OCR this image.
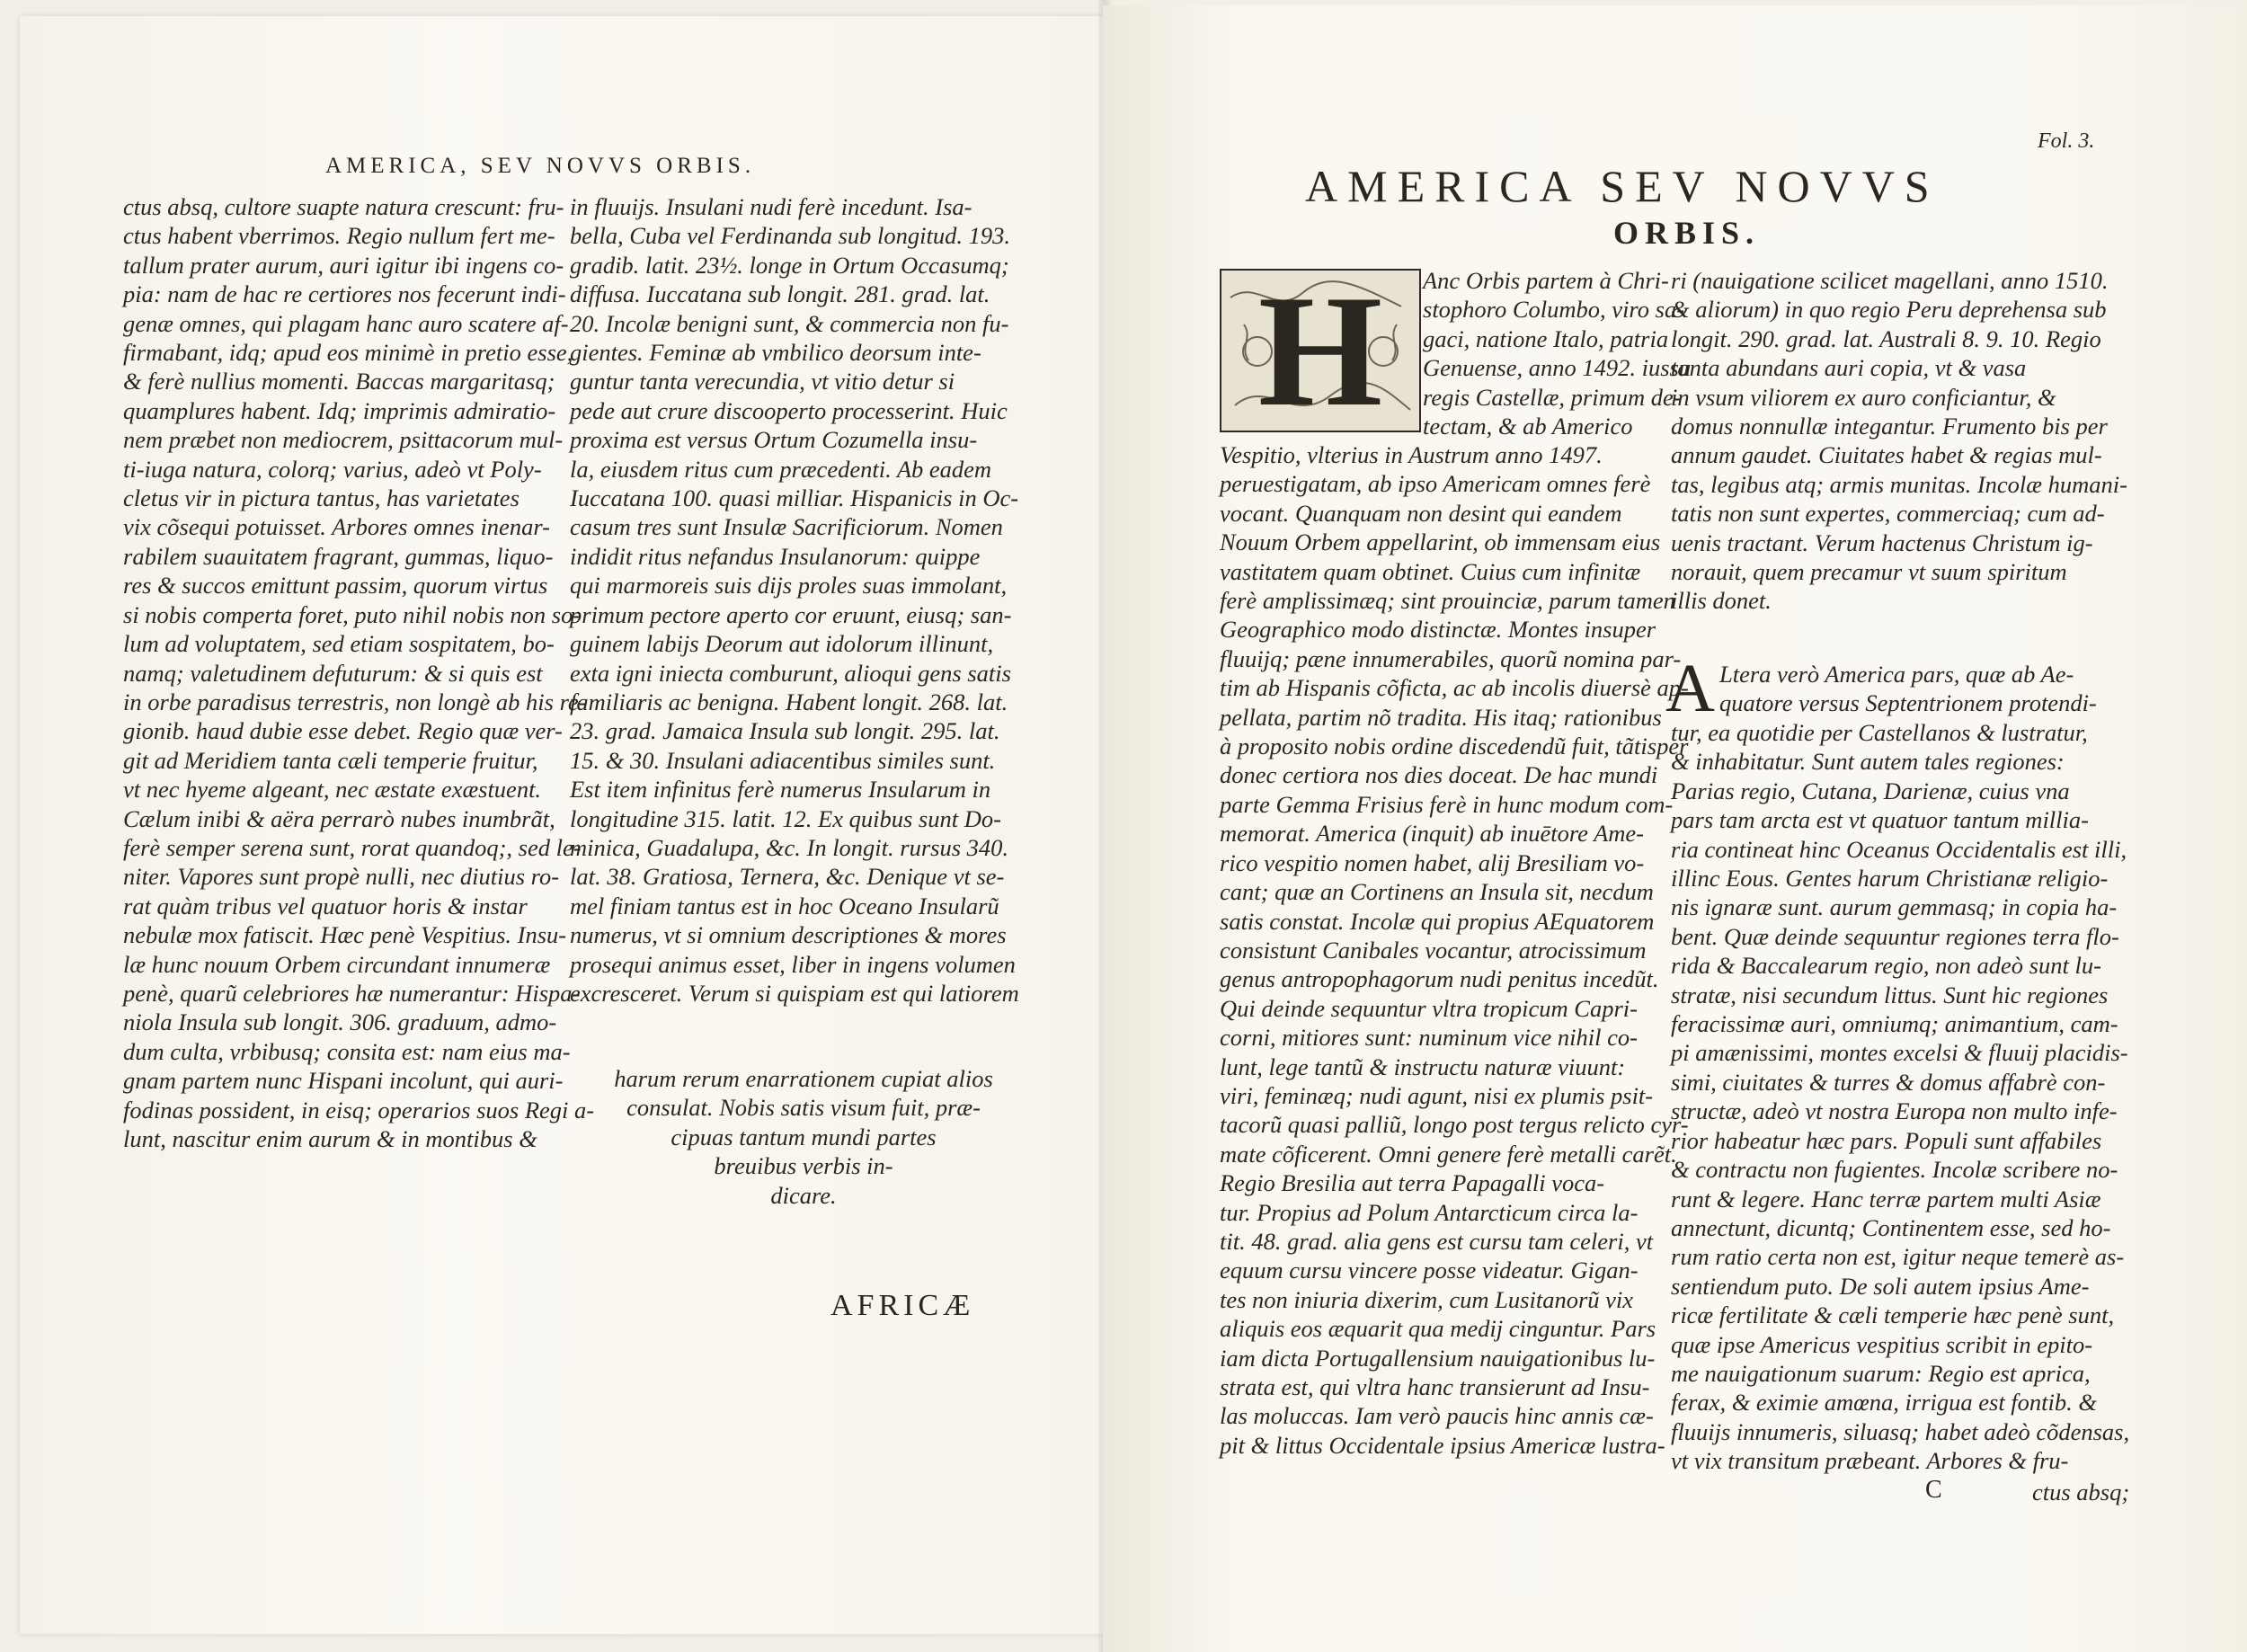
AMERICA, SEV NOVVS ORBIS.
ctus absq, cultore suapte natura crescunt: fru-
ctus habent vberrimos. Regio nullum fert me-
tallum prater aurum, auri igitur ibi ingens co-
pia: nam de hac re certiores nos fecerunt indi-
genæ omnes, qui plagam hanc auro scatere af-
firmabant, idq; apud eos minimè in pretio esse,
& ferè nullius momenti. Baccas margaritasq;
quamplures habent. Idq; imprimis admiratio-
nem præbet non mediocrem, psittacorum mul-
ti-iuga natura, colorq; varius, adeò vt Poly-
cletus vir in pictura tantus, has varietates
vix cõsequi potuisset. Arbores omnes inenar-
rabilem suauitatem fragrant, gummas, liquo-
res & succos emittunt passim, quorum virtus
si nobis comperta foret, puto nihil nobis non so-
lum ad voluptatem, sed etiam sospitatem, bo-
namq; valetudinem defuturum: & si quis est
in orbe paradisus terrestris, non longè ab his re-
gionib. haud dubie esse debet. Regio quæ ver-
git ad Meridiem tanta cæli temperie fruitur,
vt nec hyeme algeant, nec æstate exæstuent.
Cælum inibi & aëra perrarò nubes inumbrãt,
ferè semper serena sunt, rorat quandoq;, sed le-
niter. Vapores sunt propè nulli, nec diutius ro-
rat quàm tribus vel quatuor horis & instar
nebulæ mox fatiscit. Hæc penè Vespitius. Insu-
læ hunc nouum Orbem circundant innumeræ
penè, quarũ celebriores hæ numerantur: Hispa-
niola Insula sub longit. 306. graduum, admo-
dum culta, vrbibusq; consita est: nam eius ma-
gnam partem nunc Hispani incolunt, qui auri-
fodinas possident, in eisq; operarios suos Regi a-
lunt, nascitur enim aurum & in montibus &
in fluuijs. Insulani nudi ferè incedunt. Isa-
bella, Cuba vel Ferdinanda sub longitud. 193.
gradib. latit. 23½. longe in Ortum Occasumq;
diffusa. Iuccatana sub longit. 281. grad. lat.
20. Incolæ benigni sunt, & commercia non fu-
gientes. Feminæ ab vmbilico deorsum inte-
guntur tanta verecundia, vt vitio detur si
pede aut crure discooperto processerint. Huic
proxima est versus Ortum Cozumella insu-
la, eiusdem ritus cum præcedenti. Ab eadem
Iuccatana 100. quasi milliar. Hispanicis in Oc-
casum tres sunt Insulæ Sacrificiorum. Nomen
indidit ritus nefandus Insulanorum: quippe
qui marmoreis suis dijs proles suas immolant,
primum pectore aperto cor eruunt, eiusq; san-
guinem labijs Deorum aut idolorum illinunt,
exta igni iniecta comburunt, alioqui gens satis
familiaris ac benigna. Habent longit. 268. lat.
23. grad. Jamaica Insula sub longit. 295. lat.
15. & 30. Insulani adiacentibus similes sunt.
Est item infinitus ferè numerus Insularum in
longitudine 315. latit. 12. Ex quibus sunt Do-
minica, Guadalupa, &c. In longit. rursus 340.
lat. 38. Gratiosa, Ternera, &c. Denique vt se-
mel finiam tantus est in hoc Oceano Insularũ
numerus, vt si omnium descriptiones & mores
prosequi animus esset, liber in ingens volumen
excresceret. Verum si quispiam est qui latiorem
harum rerum enarrationem cupiat alios
consulat. Nobis satis visum fuit, præ-
cipuas tantum mundi partes
breuibus verbis in-
dicare.
AFRICÆ
Fol. 3.
AMERICA SEV NOVVS
ORBIS.
H	Anc Orbis partem à Chri-
stophoro Columbo, viro sa-
gaci, natione Italo, patria
Genuense, anno 1492. iussu
regis Castellæ, primum de-
tectam, & ab Americo
Vespitio, vlterius in Austrum anno 1497.
peruestigatam, ab ipso Americam omnes ferè
vocant. Quanquam non desint qui eandem
Nouum Orbem appellarint, ob immensam eius
vastitatem quam obtinet. Cuius cum infinitæ
ferè amplissimæq; sint prouinciæ, parum tamen
Geographico modo distinctæ. Montes insuper
fluuijq; pæne innumerabiles, quorũ nomina par-
tim ab Hispanis cõficta, ac ab incolis diuersè ap-
pellata, partim nõ tradita. His itaq; rationibus
à proposito nobis ordine discedendũ fuit, tãtisper
donec certiora nos dies doceat. De hac mundi
parte Gemma Frisius ferè in hunc modum com-
memorat. America (inquit) ab inuētore Ame-
rico vespitio nomen habet, alij Bresiliam vo-
cant; quæ an Cortinens an Insula sit, necdum
satis constat. Incolæ qui propius AEquatorem
consistunt Canibales vocantur, atrocissimum
genus antropophagorum nudi penitus incedũt.
Qui deinde sequuntur vltra tropicum Capri-
corni, mitiores sunt: numinum vice nihil co-
lunt, lege tantũ & instructu naturæ viuunt:
viri, feminæq; nudi agunt, nisi ex plumis psit-
tacorũ quasi palliũ, longo post tergus relicto cyr-
mate cõficerent. Omni genere ferè metalli carẽt.
Regio Bresilia aut terra Papagalli voca-
tur. Propius ad Polum Antarcticum circa la-
tit. 48. grad. alia gens est cursu tam celeri, vt
equum cursu vincere posse videatur. Gigan-
tes non iniuria dixerim, cum Lusitanorũ vix
aliquis eos æquarit qua medij cinguntur. Pars
iam dicta Portugallensium nauigationibus lu-
strata est, qui vltra hanc transierunt ad Insu-
las moluccas. Iam verò paucis hinc annis cæ-
pit & littus Occidentale ipsius Americæ lustra-
ri (nauigatione scilicet magellani, anno 1510.
& aliorum) in quo regio Peru deprehensa sub
longit. 290. grad. lat. Australi 8. 9. 10. Regio
tanta abundans auri copia, vt & vasa
in vsum viliorem ex auro conficiantur, &
domus nonnullæ integantur. Frumento bis per
annum gaudet. Ciuitates habet & regias mul-
tas, legibus atq; armis munitas. Incolæ humani-
tatis non sunt expertes, commerciaq; cum ad-
uenis tractant. Verum hactenus Christum ig-
norauit, quem precamur vt suum spiritum
illis donet.
A Ltera verò America pars, quæ ab Ae-
quatore versus Septentrionem protendi-
tur, ea quotidie per Castellanos & lustratur,
& inhabitatur. Sunt autem tales regiones:
Parias regio, Cutana, Darienæ, cuius vna
pars tam arcta est vt quatuor tantum millia-
ria contineat hinc Oceanus Occidentalis est illi,
illinc Eous. Gentes harum Christianæ religio-
nis ignaræ sunt. aurum gemmasq; in copia ha-
bent. Quæ deinde sequuntur regiones terra flo-
rida & Baccalearum regio, non adeò sunt lu-
stratæ, nisi secundum littus. Sunt hic regiones
feracissimæ auri, omniumq; animantium, cam-
pi amænissimi, montes excelsi & fluuij placidis-
simi, ciuitates & turres & domus affabrè con-
structæ, adeò vt nostra Europa non multo infe-
rior habeatur hæc pars. Populi sunt affabiles
& contractu non fugientes. Incolæ scribere no-
runt & legere. Hanc terræ partem multi Asiæ
annectunt, dicuntq; Continentem esse, sed ho-
rum ratio certa non est, igitur neque temerè as-
sentiendum puto. De soli autem ipsius Ame-
ricæ fertilitate & cæli temperie hæc penè sunt,
quæ ipse Americus vespitius scribit in epito-
me nauigationum suarum: Regio est aprica,
ferax, & eximie amœna, irrigua est fontib. &
fluuijs innumeris, siluasq; habet adeò cõdensas,
vt vix transitum præbeant. Arbores & fru-
C	ctus absq;
